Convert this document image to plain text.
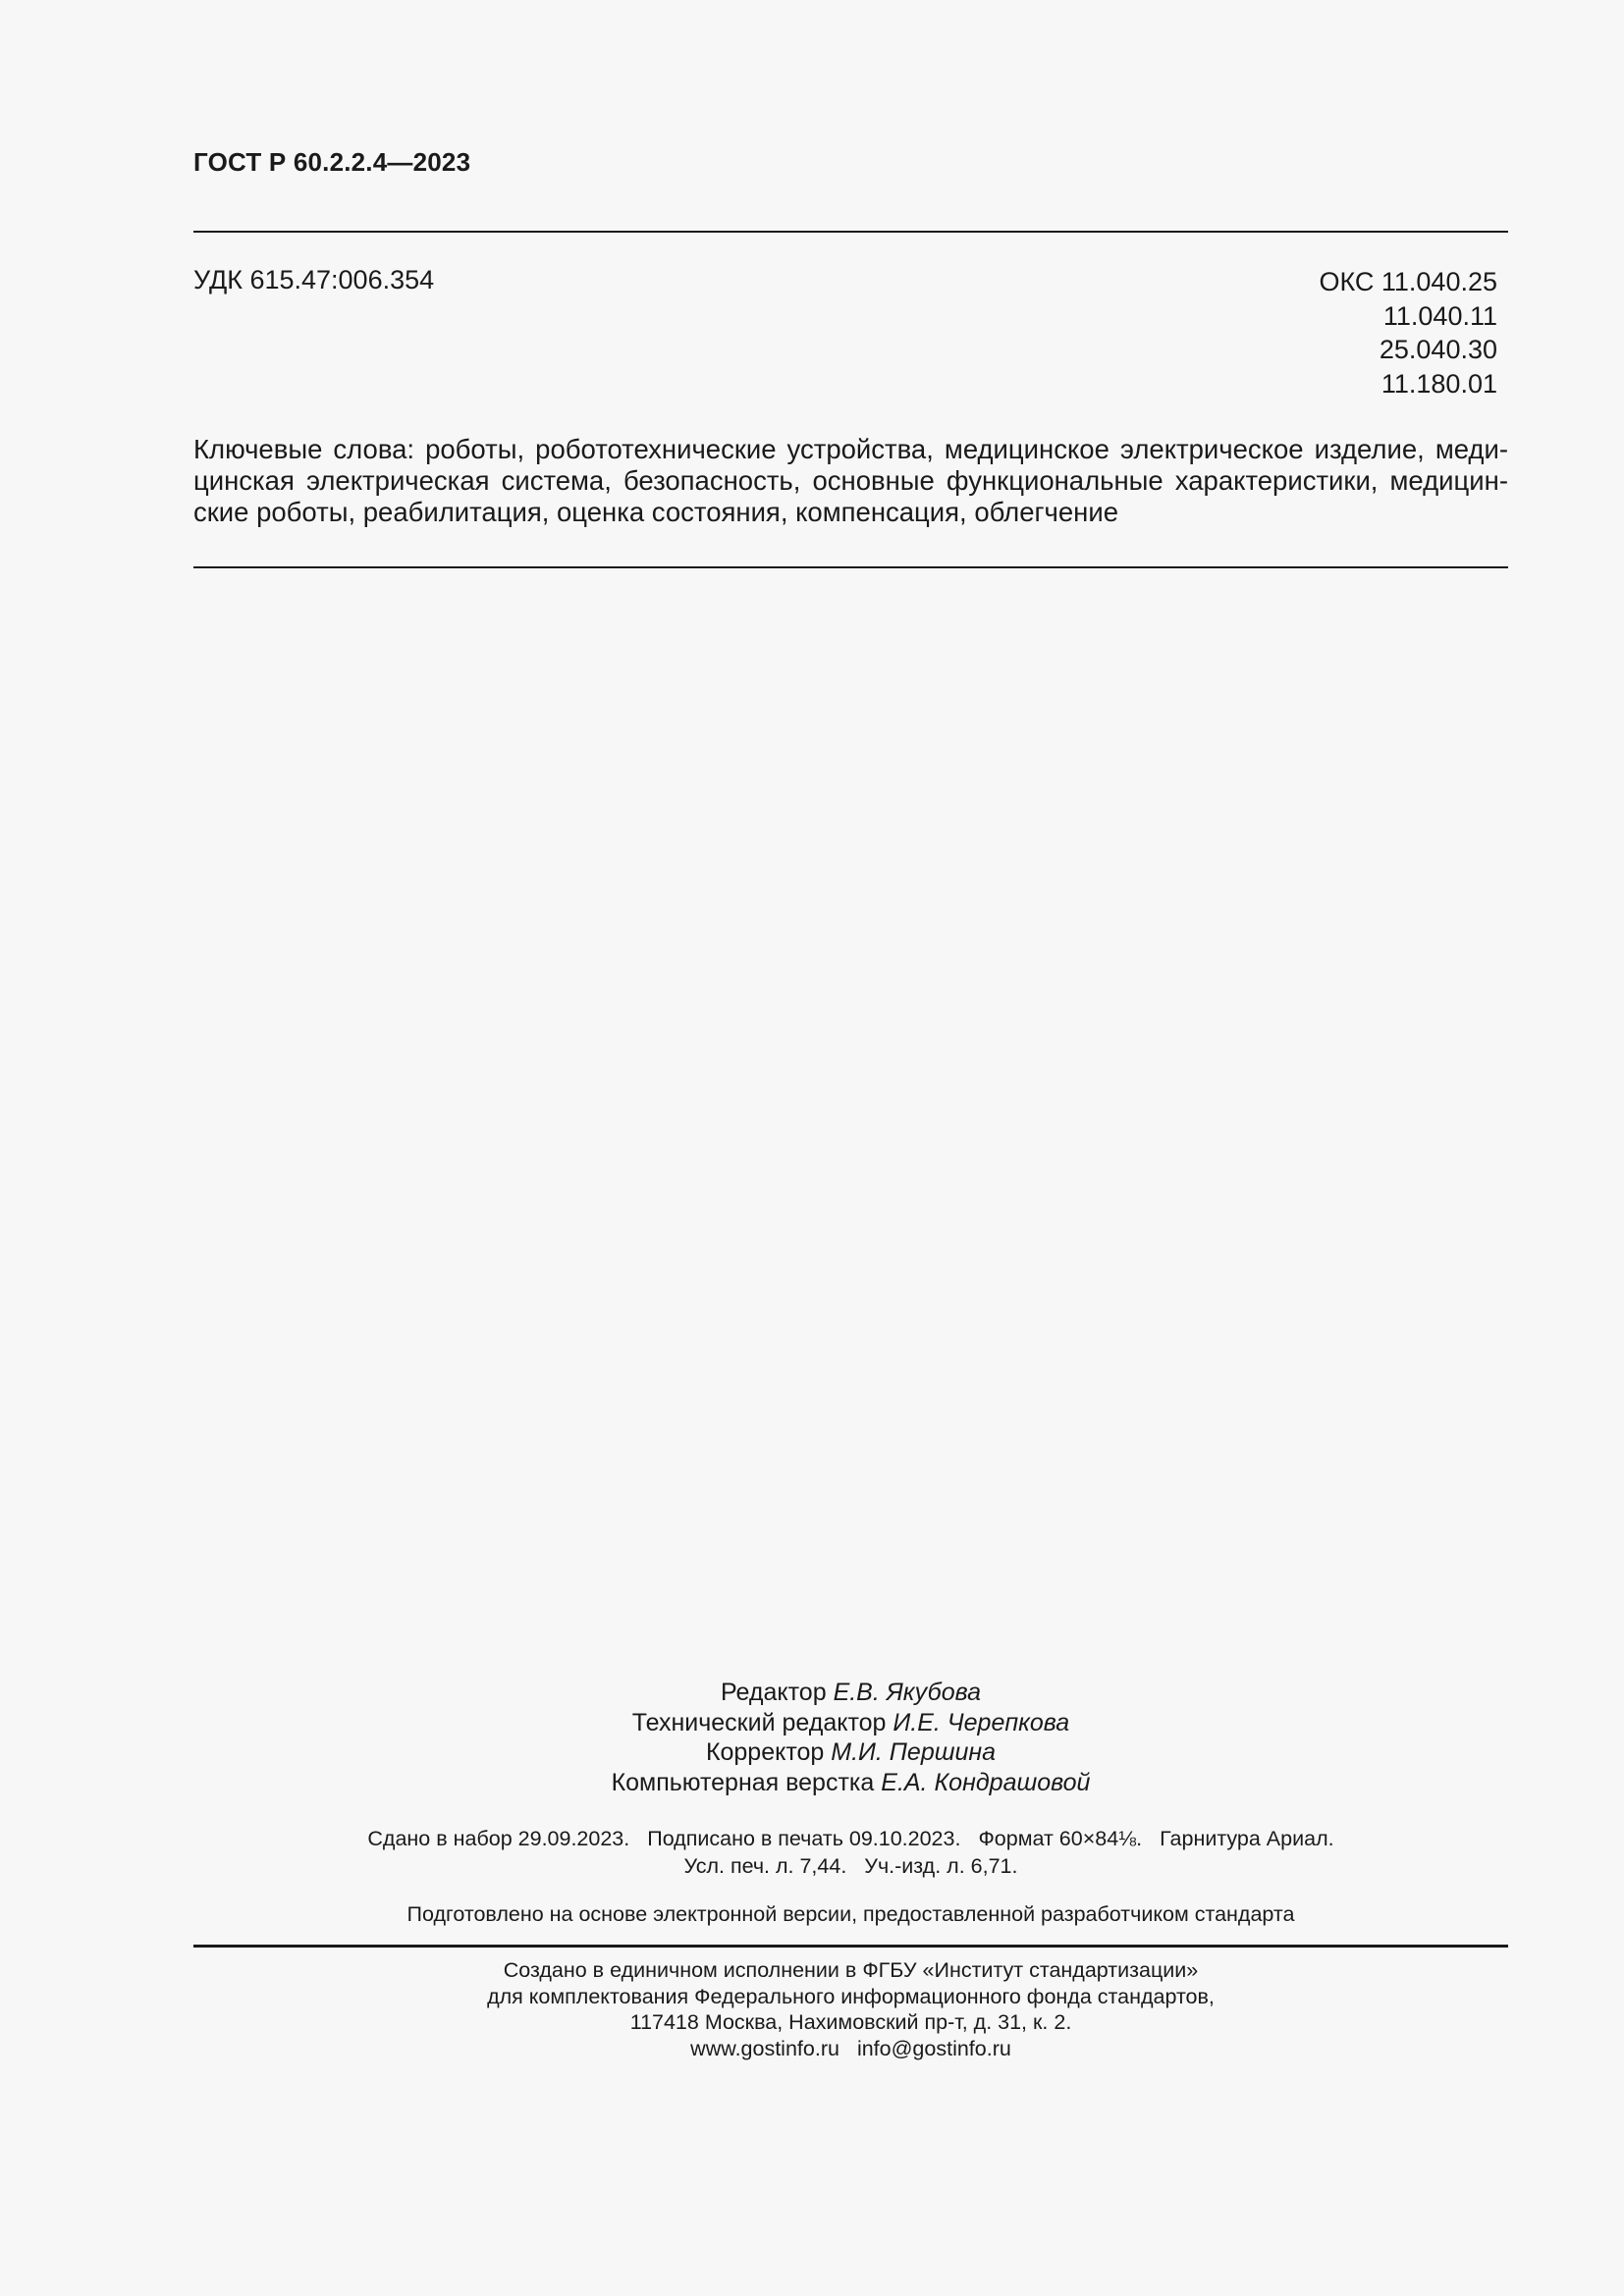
ГОСТ Р 60.2.2.4—2023
УДК 615.47:006.354	ОКС 11.040.25
11.040.11
25.040.30
11.180.01
Ключевые слова: роботы, робототехнические устройства, медицинское электрическое изделие, медицинская электрическая система, безопасность, основные функциональные характеристики, медицинские роботы, реабилитация, оценка состояния, компенсация, облегчение
Редактор Е.В. Якубова
Технический редактор И.Е. Черепкова
Корректор М.И. Першина
Компьютерная верстка Е.А. Кондрашовой
Сдано в набор 29.09.2023. Подписано в печать 09.10.2023. Формат 60×84⅛. Гарнитура Ариал.
Усл. печ. л. 7,44. Уч.-изд. л. 6,71.
Подготовлено на основе электронной версии, предоставленной разработчиком стандарта
Создано в единичном исполнении в ФГБУ «Институт стандартизации»
для комплектования Федерального информационного фонда стандартов,
117418 Москва, Нахимовский пр-т, д. 31, к. 2.
www.gostinfo.ru info@gostinfo.ru
